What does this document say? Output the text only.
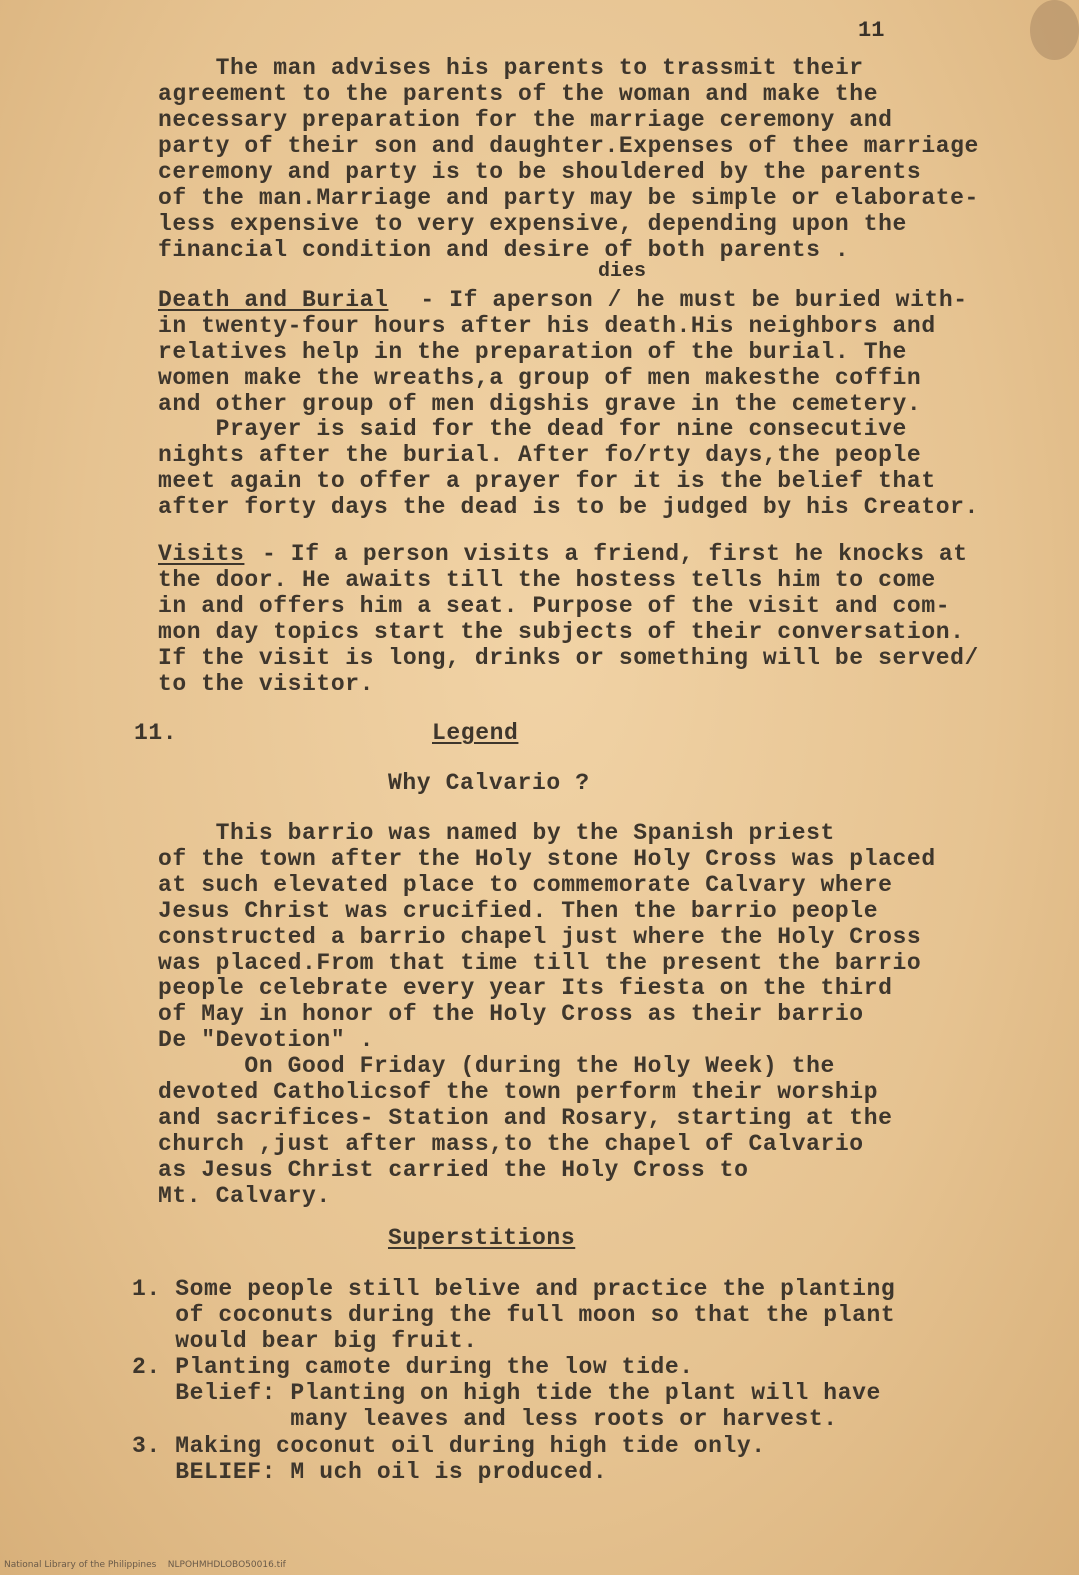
11
The man advises his parents to trassmit their
agreement to the parents of the woman and make the
necessary preparation for the marriage ceremony and
party of their son and daughter.Expenses of thee marriage
ceremony and party is to be shouldered by the parents
of the man.Marriage and party may be simple or elaborate-
less expensive to very expensive, depending upon the
financial condition and desire of both parents .
dies
Death and Burial - If aperson / he must be buried with-
in twenty-four hours after his death.His neighbors and
relatives help in the preparation of the burial. The
women make the wreaths,a group of men makesthe coffin
and other group of men digshis grave in the cemetery.
Prayer is said for the dead for nine consecutive
nights after the burial. After fo/rty days,the people
meet again to offer a prayer for it is the belief that
after forty days the dead is to be judged by his Creator.
Visits - If a person visits a friend, first he knocks at
the door. He awaits till the hostess tells him to come
in and offers him a seat. Purpose of the visit and com-
mon day topics start the subjects of their conversation.
If the visit is long, drinks or something will be served/
to the visitor.
11.	Legend
Why Calvario ?
This barrio was named by the Spanish priest
of the town after the Holy stone Holy Cross was placed
at such elevated place to commemorate Calvary where
Jesus Christ was crucified. Then the barrio people
constructed a barrio chapel just where the Holy Cross
was placed.From that time till the present the barrio
people celebrate every year Its fiesta on the third
of May in honor of the Holy Cross as their barrio
De "Devotion" .
On Good Friday (during the Holy Week) the
devoted Catholicsof the town perform their worship
and sacrifices- Station and Rosary, starting at the
church ,just after mass,to the chapel of Calvario
as Jesus Christ carried the Holy Cross to
Mt. Calvary.
Superstitions
1. Some people still belive and practice the planting
of coconuts during the full moon so that the plant
would bear big fruit.
2. Planting camote during the low tide.
Belief: Planting on high tide the plant will have
many leaves and less roots or harvest.
3. Making coconut oil during high tide only.
BELIEF: M uch oil is produced.
National Library of the Philippines    NLPOHMHDLOBO50016.tif
